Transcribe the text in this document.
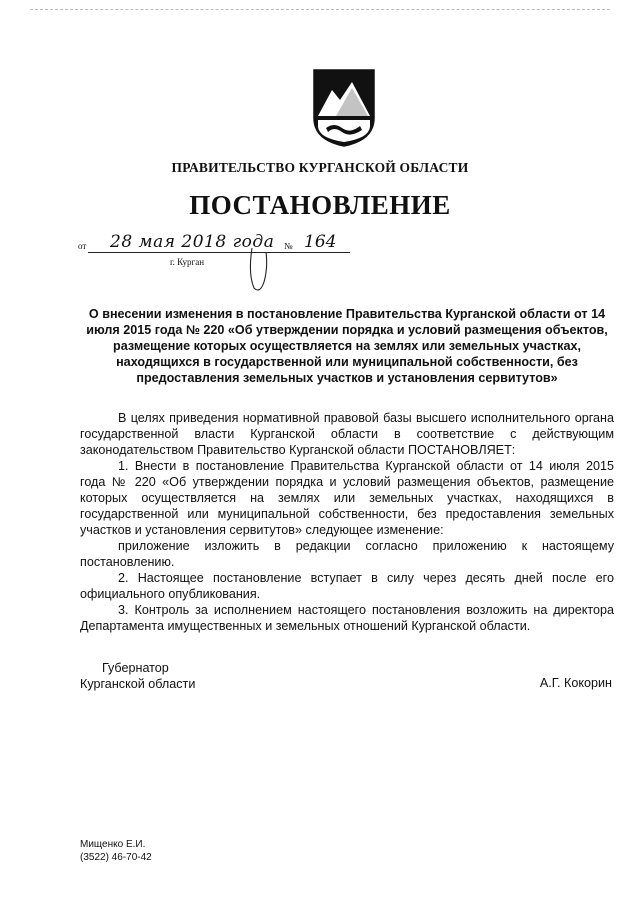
ПРАВИТЕЛЬСТВО КУРГАНСКОЙ ОБЛАСТИ
ПОСТАНОВЛЕНИЕ
от 28 мая 2018 года № 164
г. Курган
О внесении изменения в постановление Правительства Курганской области от 14 июля 2015 года № 220 «Об утверждении порядка и условий размещения объектов, размещение которых осуществляется на землях или земельных участках, находящихся в государственной или муниципальной собственности, без предоставления земельных участков и установления сервитутов»

В целях приведения нормативной правовой базы высшего исполнительного органа государственной власти Курганской области в соответствие с действующим законодательством Правительство Курганской области ПОСТАНОВЛЯЕТ:

1. Внести в постановление Правительства Курганской области от 14 июля 2015 года № 220 «Об утверждении порядка и условий размещения объектов, размещение которых осуществляется на землях или земельных участках, находящихся в государственной или муниципальной собственности, без предоставления земельных участков и установления сервитутов» следующее изменение:

приложение изложить в редакции согласно приложению к настоящему постановлению.

2. Настоящее постановление вступает в силу через десять дней после его официального опубликования.

3. Контроль за исполнением настоящего постановления возложить на директора Департамента имущественных и земельных отношений Курганской области.

Губернатор
Курганской области	А.Г. Кокорин
Мищенко Е.И.
(3522) 46-70-42
